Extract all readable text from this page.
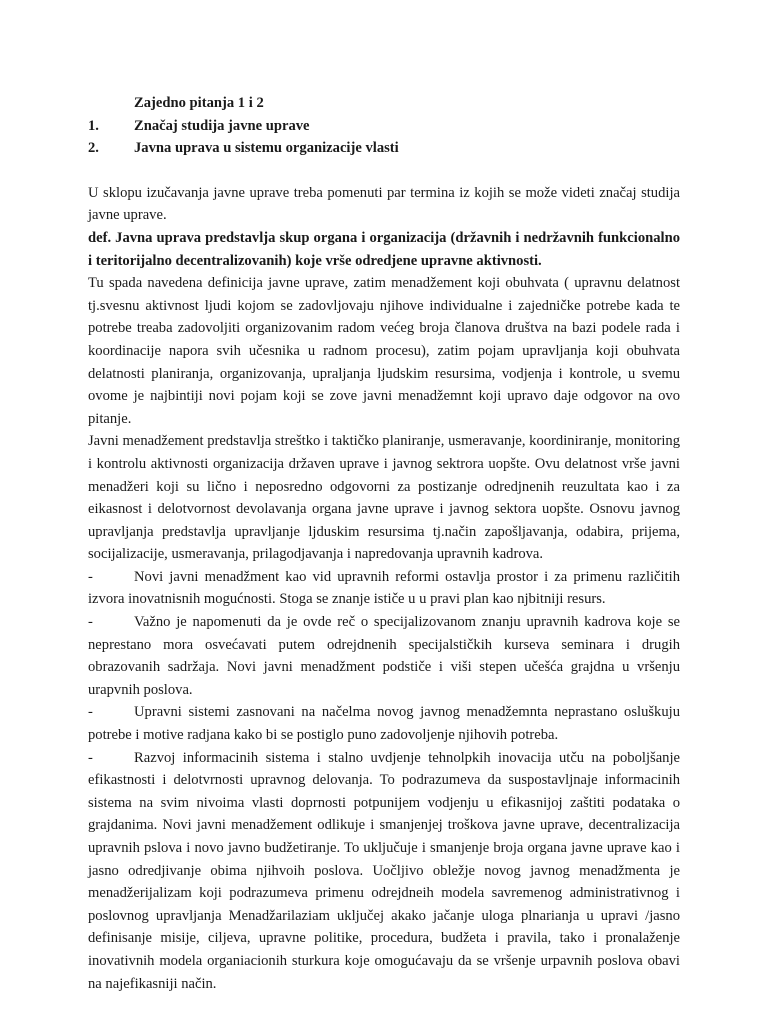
Zajedno pitanja 1 i 2
1.	Značaj studija javne uprave
2.	Javna uprava u sistemu organizacije vlasti

U sklopu izučavanja javne uprave treba pomenuti par termina iz kojih se može videti značaj studija javne uprave.

def. Javna uprava predstavlja skup organa i organizacija (državnih i nedržavnih funkcionalno i teritorijalno decentralizovanih) koje vrše odredjene upravne aktivnosti.

Tu spada navedena definicija javne uprave, zatim menadžement koji obuhvata ( upravnu delatnost tj.svesnu aktivnost ljudi kojom se zadovljovaju njihove individualne i zajedničke potrebe kada te potrebe treaba zadovoljiti organizovanim radom većeg broja članova društva na bazi podele rada i koordinacije napora svih učesnika u radnom procesu), zatim pojam upravljanja koji obuhvata delatnosti planiranja, organizovanja, upraljanja ljudskim resursima, vodjenja i kontrole, u svemu ovome je najbintiji novi pojam koji se zove javni menadžemnt koji upravo daje odgovor na ovo pitanje.

Javni menadžement predstavlja streštko i taktičko planiranje, usmeravanje, koordiniranje, monitoring i kontrolu aktivnosti organizacija državen uprave i javnog sektrora uopšte. Ovu delatnost vrše javni menadžeri koji su lično i neposredno odgovorni za postizanje odredjnenih reuzultata kao i za eikasnost i delotvornost devolavanja organa javne uprave i javnog sektora uopšte. Osnovu javnog upravljanja predstavlja upravljanje ljduskim resursima tj.način zapošljavanja, odabira, prijema, socijalizacije, usmeravanja, prilagodjavanja i napredovanja upravnih kadrova.

-	Novi javni menadžment kao vid upravnih reformi ostavlja prostor i za primenu različitih izvora inovatnisnih mogućnosti. Stoga se znanje ističe u u pravi plan kao njbitniji resurs.

-	Važno je napomenuti da je ovde reč o specijalizovanom znanju upravnih kadrova koje se neprestano mora osvećavati putem odrejdnenih specijalstičkih kurseva seminara i drugih obrazovanih sadržaja. Novi javni menadžment podstiče i viši stepen učešća grajdna u vršenju urapvnih poslova.

-	Upravni sistemi zasnovani na načelma novog javnog menadžemnta neprastano osluškuju potrebe i motive radjana kako bi se postiglo puno zadovoljenje njihovih potreba.

-	Razvoj informacinih sistema i stalno uvdjenje tehnolpkih inovacija utču na poboljšanje efikastnosti i delotvrnosti upravnog delovanja. To podrazumeva da suspostavljnaje informacinih sistema na svim nivoima vlasti doprnosti potpunijem vodjenju u efikasnijoj zaštiti podataka o grajdanima. Novi javni menadžement odlikuje i smanjenjej troškova javne uprave, decentralizacija upravnih pslova i novo javno budžetiranje. To uključuje i smanjenje broja organa javne uprave kao i jasno odredjivanje obima njihvoih poslova. Uočljivo obležje novog javnog menadžmenta je menadžerijalizam koji podrazumeva primenu odrejdneih modela savremenog administrativnog i poslovnog upravljanja Menadžarilaziam uključej akako jačanje uloga plnarianja u upravi /jasno definisanje misije, ciljeva, upravne politike, procedura, budžeta i pravila, tako i pronalaženje inovativnih modela organiacionih sturkura koje omogućavaju da se vršenje urpavnih poslova obavi na najefikasniji način.
